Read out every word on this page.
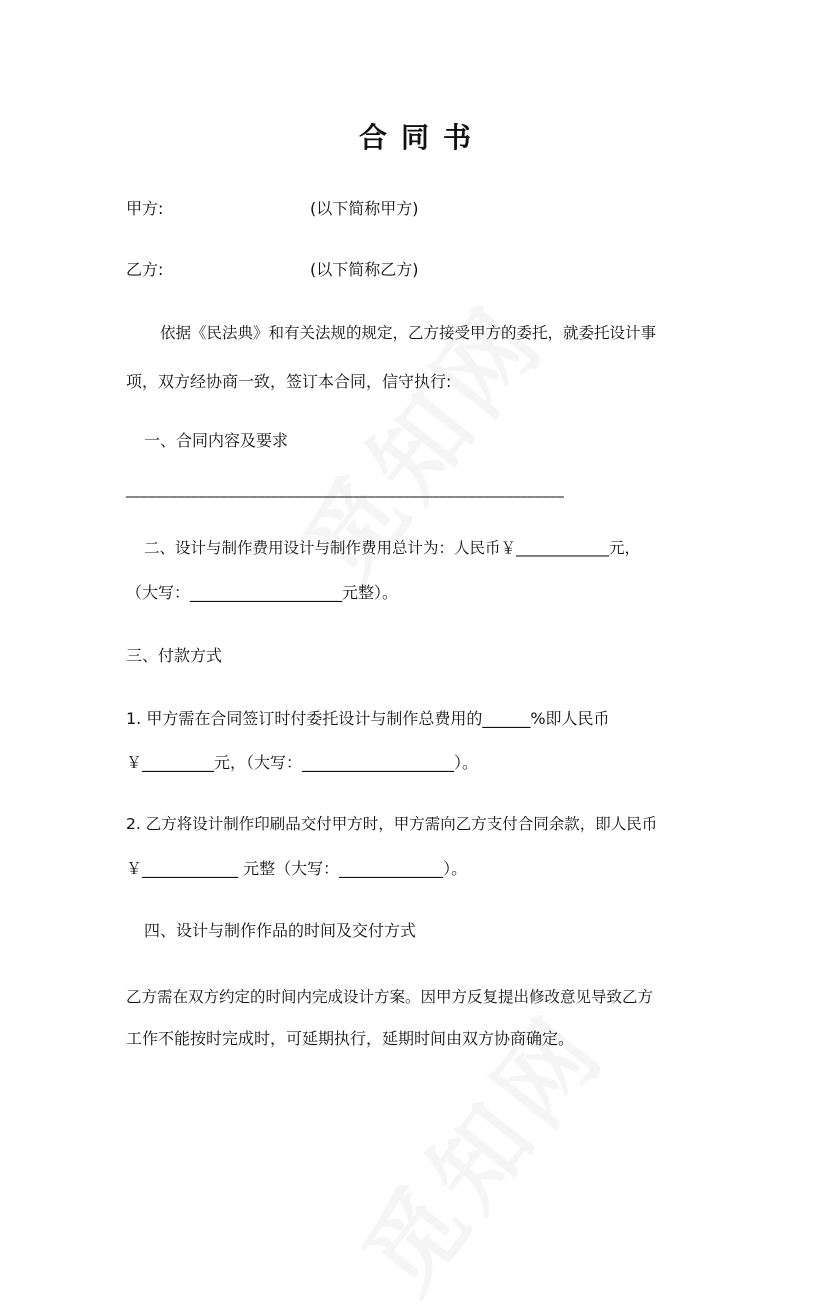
合同书
甲方:	(以下简称甲方)
乙方:	(以下简称乙方)
依据《民法典》和有关法规的规定，乙方接受甲方的委托，就委托设计事
项，双方经协商一致，签订本合同，信守执行:
一、合同内容及要求
____________________________________________________________
二、设计与制作费用设计与制作费用总计为：人民币￥____________元，
（大写：___________________元整）。
三、付款方式
1. 甲方需在合同签订时付委托设计与制作总费用的______%即人民币
￥_________元，（大写：___________________）。
2. 乙方将设计制作印刷品交付甲方时，甲方需向乙方支付合同余款，即人民币
￥____________ 元整（大写：_____________）。
四、设计与制作作品的时间及交付方式
乙方需在双方约定的时间内完成设计方案。因甲方反复提出修改意见导致乙方
工作不能按时完成时，可延期执行，延期时间由双方协商确定。
